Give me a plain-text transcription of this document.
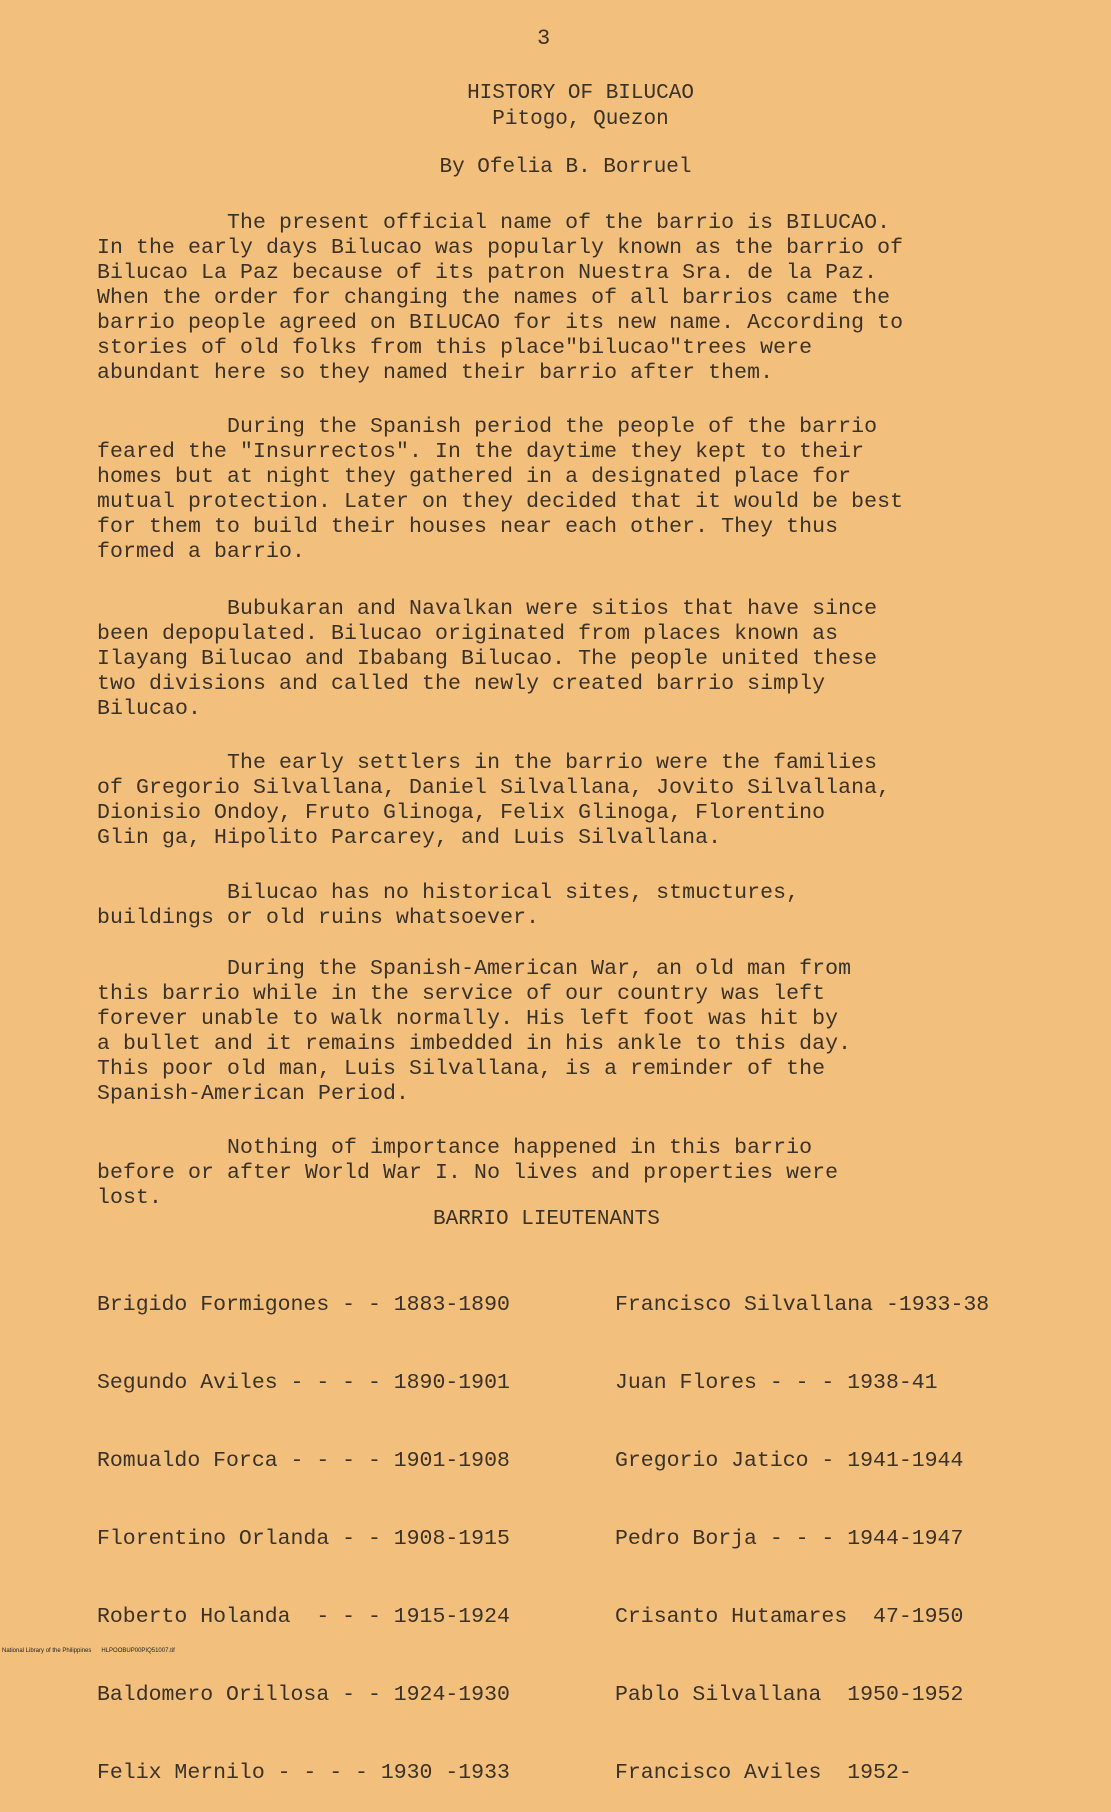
3
HISTORY OF BILUCAO
Pitogo, Quezon
By Ofelia B. Borruel
The present official name of the barrio is BILUCAO.
In the early days Bilucao was popularly known as the barrio of
Bilucao La Paz because of its patron Nuestra Sra. de la Paz.
When the order for changing the names of all barrios came the
barrio people agreed on BILUCAO for its new name. According to
stories of old folks from this place"bilucao"trees were
abundant here so they named their barrio after them.
During the Spanish period the people of the barrio
feared the "Insurrectos". In the daytime they kept to their
homes but at night they gathered in a designated place for
mutual protection. Later on they decided that it would be best
for them to build their houses near each other. They thus
formed a barrio.
Bubukaran and Navalkan were sitios that have since
been depopulated. Bilucao originated from places known as
Ilayang Bilucao and Ibabang Bilucao. The people united these
two divisions and called the newly created barrio simply
Bilucao.
The early settlers in the barrio were the families
of Gregorio Silvallana, Daniel Silvallana, Jovito Silvallana,
Dionisio Ondoy, Fruto Glinoga, Felix Glinoga, Florentino
Glin ga, Hipolito Parcarey, and Luis Silvallana.
Bilucao has no historical sites, stmuctures,
buildings or old ruins whatsoever.
During the Spanish-American War, an old man from
this barrio while in the service of our country was left
forever unable to walk normally. His left foot was hit by
a bullet and it remains imbedded in his ankle to this day.
This poor old man, Luis Silvallana, is a reminder of the
Spanish-American Period.
Nothing of importance happened in this barrio
before or after World War I. No lives and properties were
lost.
BARRIO LIEUTENANTS

Brigido Formigones - - 1883-1890

Segundo Aviles - - - - 1890-1901

Romualdo Forca - - - - 1901-1908

Florentino Orlanda - - 1908-1915

Roberto Holanda  - - - 1915-1924

Baldomero Orillosa - - 1924-1930

Felix Mernilo - - - - 1930 -1933

Francisco Silvallana -1933-38

Juan Flores - - - 1938-41

Gregorio Jatico - 1941-1944

Pedro Borja - - - 1944-1947

Crisanto Hutamares  47-1950

Pablo Silvallana  1950-1952

Francisco Aviles  1952-

National Library of the Philippines      HLPOOBUP00PIQ51007.tif
